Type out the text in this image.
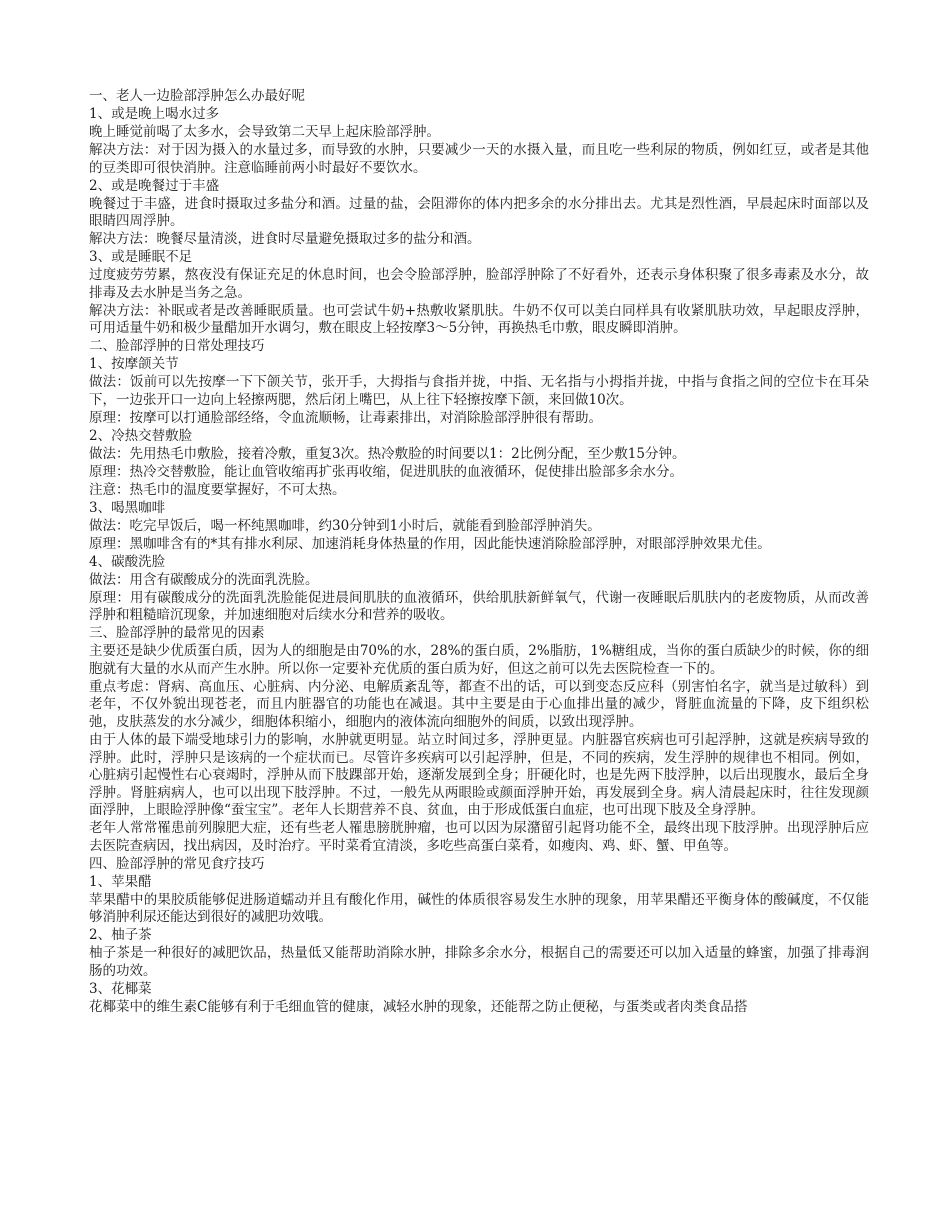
一、老人一边脸部浮肿怎么办最好呢

1、或是晚上喝水过多

晚上睡觉前喝了太多水，会导致第二天早上起床脸部浮肿。

解决方法：对于因为摄入的水量过多，而导致的水肿，只要减少一天的水摄入量，而且吃一些利尿的物质，例如红豆，或者是其他的豆类即可很快消肿。注意临睡前两小时最好不要饮水。

2、或是晚餐过于丰盛

晚餐过于丰盛，进食时摄取过多盐分和酒。过量的盐，会阻滞你的体内把多余的水分排出去。尤其是烈性酒，早晨起床时面部以及眼睛四周浮肿。

解决方法：晚餐尽量清淡，进食时尽量避免摄取过多的盐分和酒。

3、或是睡眠不足

过度疲劳劳累，熬夜没有保证充足的休息时间，也会令脸部浮肿，脸部浮肿除了不好看外，还表示身体积聚了很多毒素及水分，故排毒及去水肿是当务之急。

解决方法：补眠或者是改善睡眠质量。也可尝试牛奶+热敷收紧肌肤。牛奶不仅可以美白同样具有收紧肌肤功效，早起眼皮浮肿，可用适量牛奶和极少量醋加开水调匀，敷在眼皮上轻按摩3～5分钟，再换热毛巾敷，眼皮瞬即消肿。

二、脸部浮肿的日常处理技巧

1、按摩颌关节

做法：饭前可以先按摩一下下颌关节，张开手，大拇指与食指并拢，中指、无名指与小拇指并拢，中指与食指之间的空位卡在耳朵下，一边张开口一边向上轻擦两腮，然后闭上嘴巴，从上往下轻擦按摩下颌，来回做10次。

原理：按摩可以打通脸部经络，令血流顺畅，让毒素排出，对消除脸部浮肿很有帮助。

2、冷热交替敷脸

做法：先用热毛巾敷脸，接着冷敷，重复3次。热冷敷脸的时间要以1：2比例分配，至少敷15分钟。

原理：热冷交替敷脸，能让血管收缩再扩张再收缩，促进肌肤的血液循环，促使排出脸部多余水分。

注意：热毛巾的温度要掌握好，不可太热。

3、喝黑咖啡

做法：吃完早饭后，喝一杯纯黑咖啡，约30分钟到1小时后，就能看到脸部浮肿消失。

原理：黑咖啡含有的*其有排水利尿、加速消耗身体热量的作用，因此能快速消除脸部浮肿，对眼部浮肿效果尤佳。

4、碳酸洗脸

做法：用含有碳酸成分的洗面乳洗脸。

原理：用有碳酸成分的洗面乳洗脸能促进晨间肌肤的血液循环，供给肌肤新鲜氧气，代谢一夜睡眠后肌肤内的老废物质，从而改善浮肿和粗糙暗沉现象，并加速细胞对后续水分和营养的吸收。

三、脸部浮肿的最常见的因素

主要还是缺少优质蛋白质，因为人的细胞是由70%的水，28%的蛋白质，2%脂肪，1%糖组成，当你的蛋白质缺少的时候，你的细胞就有大量的水从而产生水肿。所以你一定要补充优质的蛋白质为好，但这之前可以先去医院检查一下的。

重点考虑：肾病、高血压、心脏病、内分泌、电解质紊乱等，都查不出的话，可以到变态反应科（别害怕名字，就当是过敏科）到老年，不仅外貌出现苍老，而且内脏器官的功能也在减退。其中主要是由于心血排出量的减少，肾脏血流量的下降，皮下组织松弛，皮肤蒸发的水分减少，细胞体积缩小，细胞内的液体流向细胞外的间质，以致出现浮肿。

由于人体的最下端受地球引力的影响，水肿就更明显。站立时间过多，浮肿更显。内脏器官疾病也可引起浮肿，这就是疾病导致的浮肿。此时，浮肿只是该病的一个症状而已。尽管许多疾病可以引起浮肿，但是，不同的疾病，发生浮肿的规律也不相同。例如，心脏病引起慢性右心衰竭时，浮肿从而下肢踝部开始，逐渐发展到全身；肝硬化时，也是先两下肢浮肿，以后出现腹水，最后全身浮肿。肾脏病病人，也可以出现下肢浮肿。不过，一般先从两眼睑或颜面浮肿开始，再发展到全身。病人清晨起床时，往往发现颜面浮肿，上眼睑浮肿像“蚕宝宝”。老年人长期营养不良、贫血，由于形成低蛋白血症，也可出现下肢及全身浮肿。

老年人常常罹患前列腺肥大症，还有些老人罹患膀胱肿瘤，也可以因为尿潴留引起肾功能不全，最终出现下肢浮肿。出现浮肿后应去医院查病因，找出病因，及时治疗。平时菜肴宜清淡，多吃些高蛋白菜肴，如瘦肉、鸡、虾、蟹、甲鱼等。

四、脸部浮肿的常见食疗技巧

1、苹果醋

苹果醋中的果胶质能够促进肠道蠕动并且有酸化作用，碱性的体质很容易发生水肿的现象，用苹果醋还平衡身体的酸碱度，不仅能够消肿利尿还能达到很好的减肥功效哦。

2、柚子茶

柚子茶是一种很好的减肥饮品，热量低又能帮助消除水肿，排除多余水分，根据自己的需要还可以加入适量的蜂蜜，加强了排毒润肠的功效。

3、花椰菜

花椰菜中的维生素C能够有利于毛细血管的健康，减轻水肿的现象，还能帮之防止便秘，与蛋类或者肉类食品搭
